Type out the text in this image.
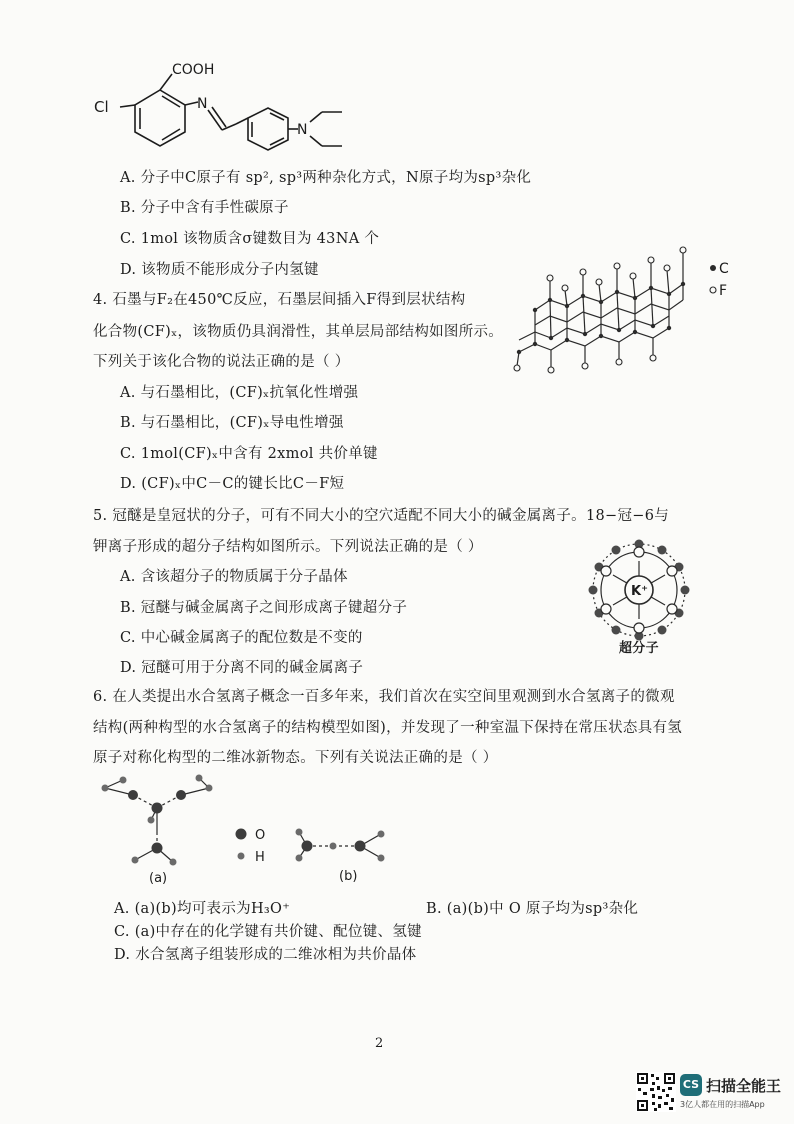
COOH
Cl	N
N
A. 分子中C原子有 sp², sp³两种杂化方式，N原子均为sp³杂化
B. 分子中含有手性碳原子
C. 1mol 该物质含σ键数目为 43NA 个
D. 该物质不能形成分子内氢键
4. 石墨与F₂在450℃反应，石墨层间插入F得到层状结构
化合物(CF)ₓ，该物质仍具润滑性，其单层局部结构如图所示。
下列关于该化合物的说法正确的是（ ）
A. 与石墨相比，(CF)ₓ抗氧化性增强
B. 与石墨相比，(CF)ₓ导电性增强
C. 1mol(CF)ₓ中含有 2xmol 共价单键
D. (CF)ₓ中C－C的键长比C－F短
C
F
5. 冠醚是皇冠状的分子，可有不同大小的空穴适配不同大小的碱金属离子。18−冠−6与
钾离子形成的超分子结构如图所示。下列说法正确的是（ ）
A. 含该超分子的物质属于分子晶体
B. 冠醚与碱金属离子之间形成离子键超分子
C. 中心碱金属离子的配位数是不变的
D. 冠醚可用于分离不同的碱金属离子
K⁺
超分子
6. 在人类提出水合氢离子概念一百多年来，我们首次在实空间里观测到水合氢离子的微观
结构(两种构型的水合氢离子的结构模型如图)，并发现了一种室温下保持在常压状态具有氢
原子对称化构型的二维冰新物态。下列有关说法正确的是（ ）
O
H
(a)	(b)
A. (a)(b)均可表示为H₃O⁺	B. (a)(b)中 O 原子均为sp³杂化
C. (a)中存在的化学键有共价键、配位键、氢键
D. 水合氢离子组装形成的二维冰相为共价晶体
2
CS 扫描全能王
3亿人都在用的扫描App
